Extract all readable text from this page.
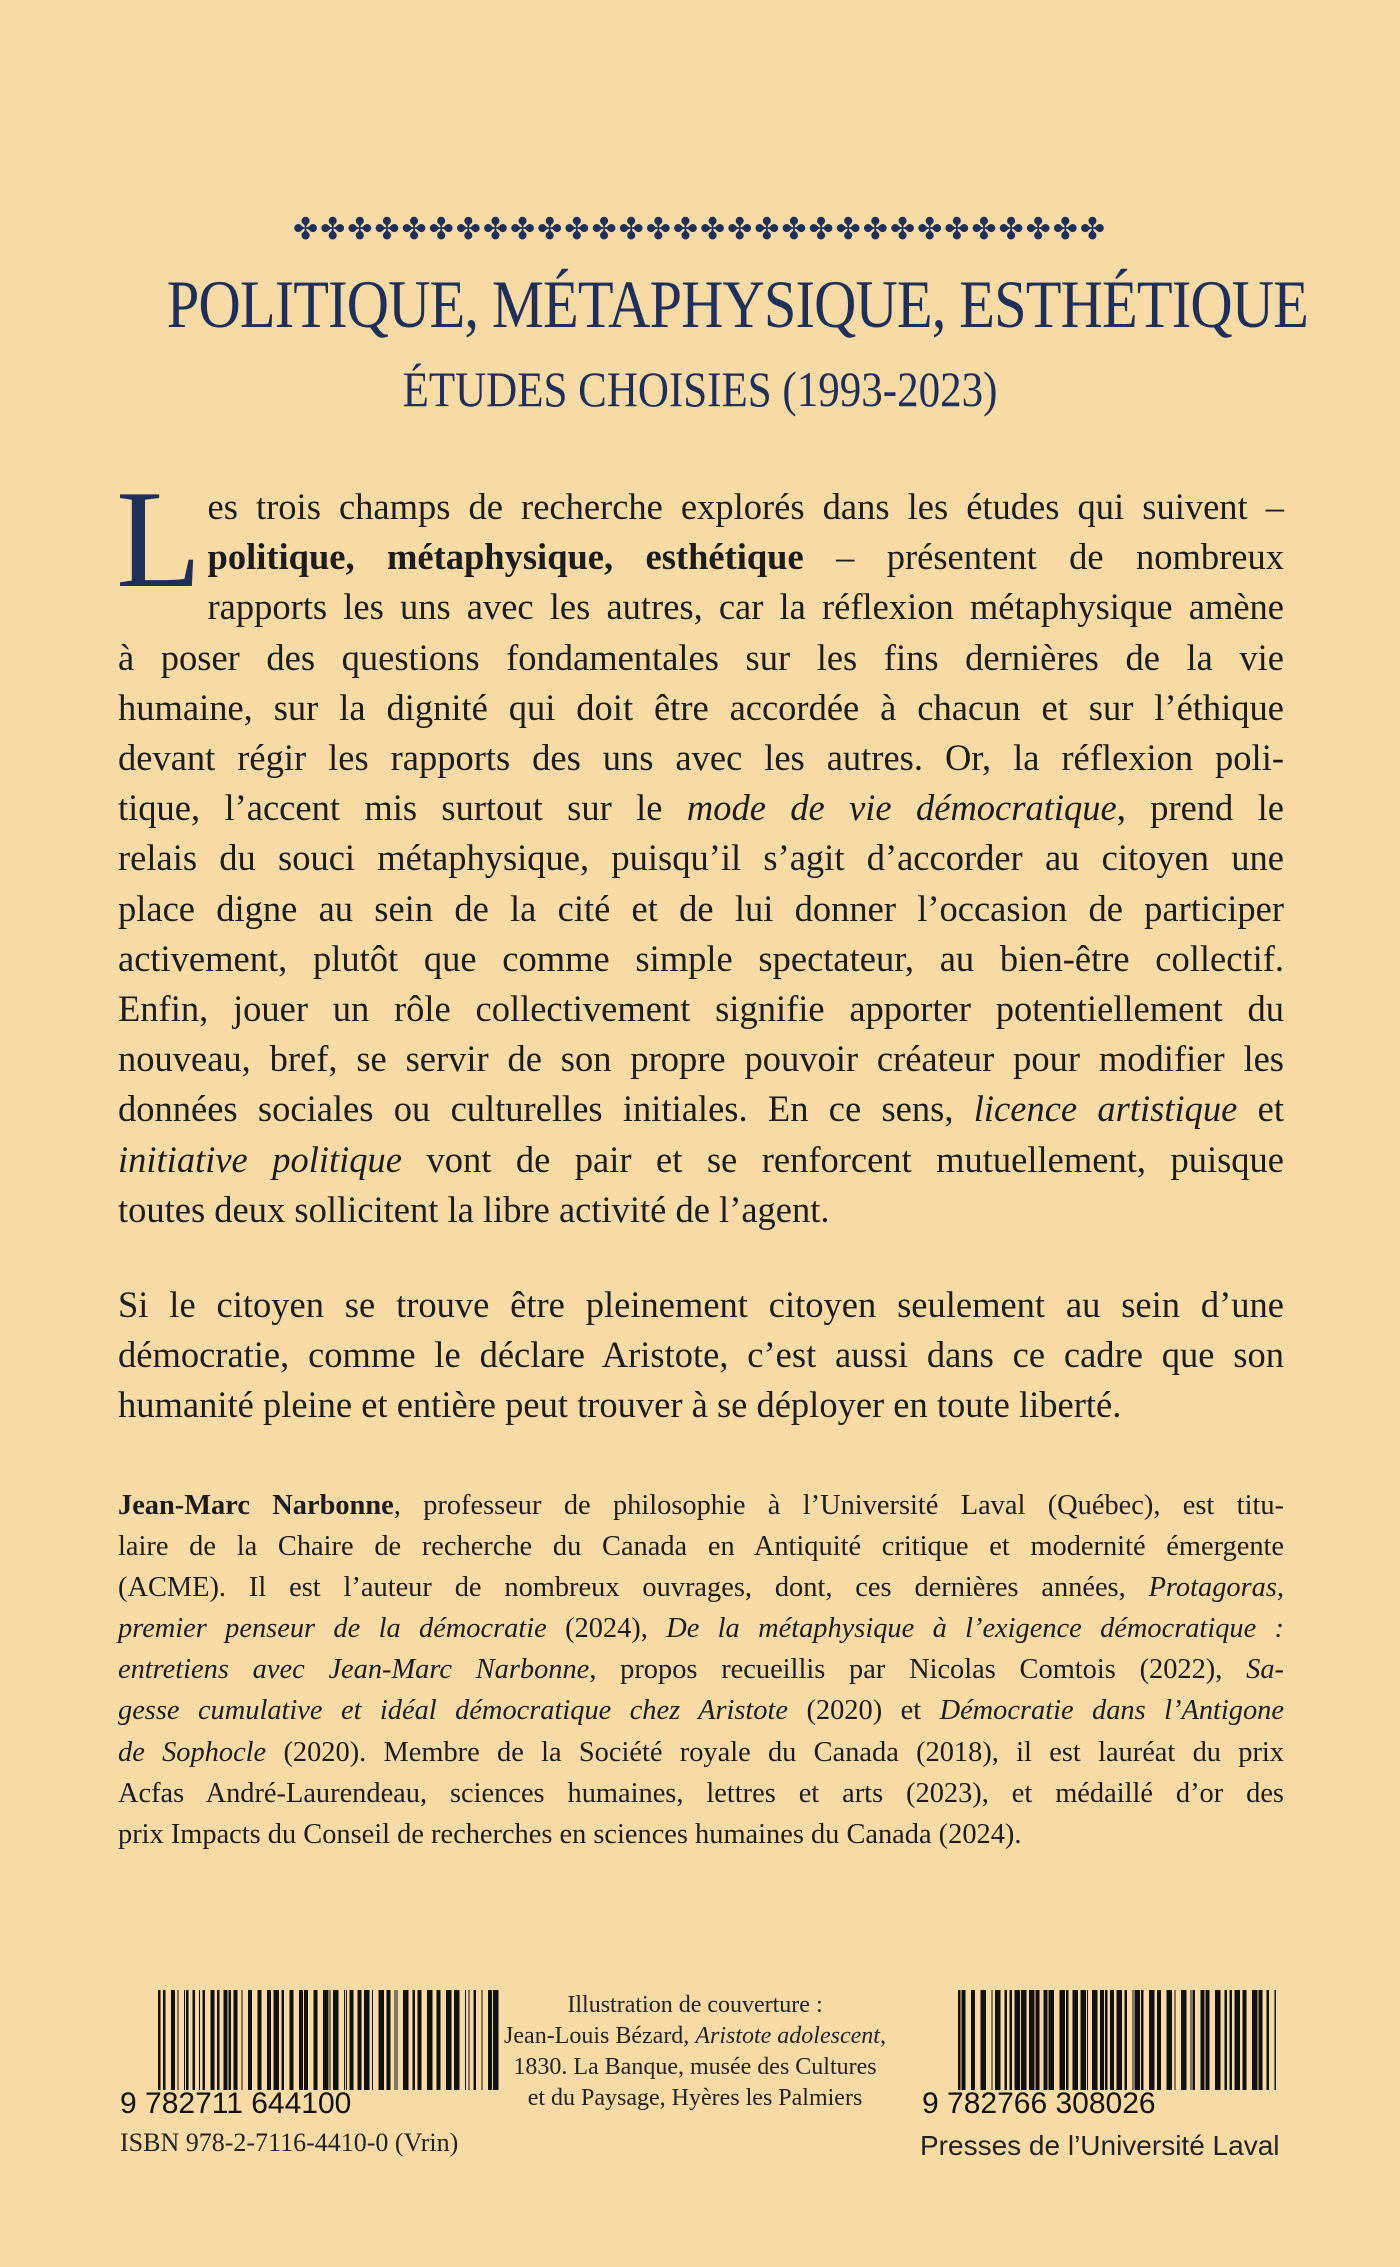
✤✤✤✤✤✤✤✤✤✤✤✤✤✤✤✤✤✤✤✤✤✤✤✤✤✤✤✤✤✤
POLITIQUE, MÉTAPHYSIQUE, ESTHÉTIQUE
ÉTUDES CHOISIES (1993-2023)
L es trois champs de recherche explorés dans les études qui suivent –
politique, métaphysique, esthétique – présentent de nombreux
rapports les uns avec les autres, car la réflexion métaphysique amène
à poser des questions fondamentales sur les fins dernières de la vie
humaine, sur la dignité qui doit être accordée à chacun et sur l’éthique
devant régir les rapports des uns avec les autres. Or, la réflexion poli-
tique, l’accent mis surtout sur le mode de vie démocratique, prend le
relais du souci métaphysique, puisqu’il s’agit d’accorder au citoyen une
place digne au sein de la cité et de lui donner l’occasion de participer
activement, plutôt que comme simple spectateur, au bien-être collectif.
Enfin, jouer un rôle collectivement signifie apporter potentiellement du
nouveau, bref, se servir de son propre pouvoir créateur pour modifier les
données sociales ou culturelles initiales. En ce sens, licence artistique et
initiative politique vont de pair et se renforcent mutuellement, puisque
toutes deux sollicitent la libre activité de l’agent.
Si le citoyen se trouve être pleinement citoyen seulement au sein d’une
démocratie, comme le déclare Aristote, c’est aussi dans ce cadre que son
humanité pleine et entière peut trouver à se déployer en toute liberté.
Jean-Marc Narbonne, professeur de philosophie à l’Université Laval (Québec), est titu-
laire de la Chaire de recherche du Canada en Antiquité critique et modernité émergente
(ACME). Il est l’auteur de nombreux ouvrages, dont, ces dernières années, Protagoras,
premier penseur de la démocratie (2024), De la métaphysique à l’exigence démocratique :
entretiens avec Jean-Marc Narbonne, propos recueillis par Nicolas Comtois (2022), Sa-
gesse cumulative et idéal démocratique chez Aristote (2020) et Démocratie dans l’Antigone
de Sophocle (2020). Membre de la Société royale du Canada (2018), il est lauréat du prix
Acfas André-Laurendeau, sciences humaines, lettres et arts (2023), et médaillé d’or des
prix Impacts du Conseil de recherches en sciences humaines du Canada (2024).
9 782711 644100
ISBN 978-2-7116-4410-0 (Vrin)
Illustration de couverture :
Jean-Louis Bézard, Aristote adolescent,
1830. La Banque, musée des Cultures
et du Paysage, Hyères les Palmiers	9 782766 308026
Presses de l’Université Laval
